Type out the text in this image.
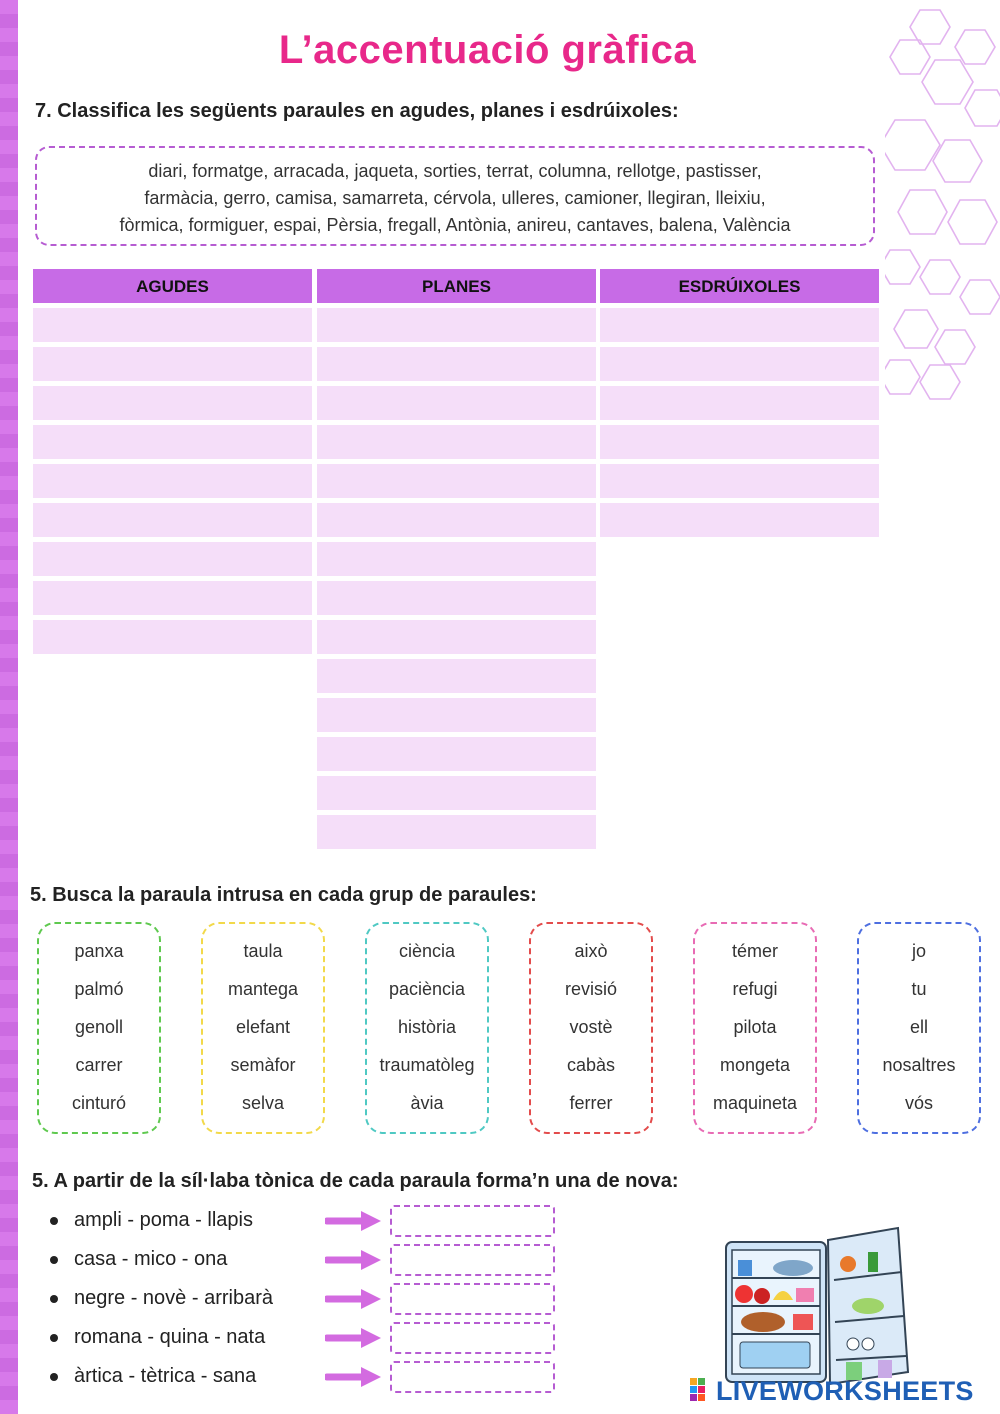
L’accentuació gràfica
7. Classifica les següents paraules en agudes, planes i esdrúixoles:
diari, formatge, arracada, jaqueta, sorties, terrat, columna, rellotge, pastisser,
farmàcia, gerro, camisa, samarreta, cérvola, ulleres, camioner, llegiran, lleixiu,
fòrmica, formiguer, espai, Pèrsia, fregall, Antònia, anireu, cantaves, balena, València
AGUDES	PLANES	ESDRÚIXOLES
5. Busca la paraula intrusa en cada grup de paraules:
panxa
palmó
genoll
carrer
cinturó
taula
mantega
elefant
semàfor
selva
ciència
paciència
història
traumatòleg
àvia
això
revisió
vostè
cabàs
ferrer
témer
refugi
pilota
mongeta
maquineta
jo
tu
ell
nosaltres
vós
5. A partir de la síl·laba tònica de cada paraula forma’n una de nova:
ampli - poma - llapis
casa - mico - ona
negre - novè - arribarà
romana - quina - nata
àrtica - tètrica - sana	LIVEWORKSHEETS
